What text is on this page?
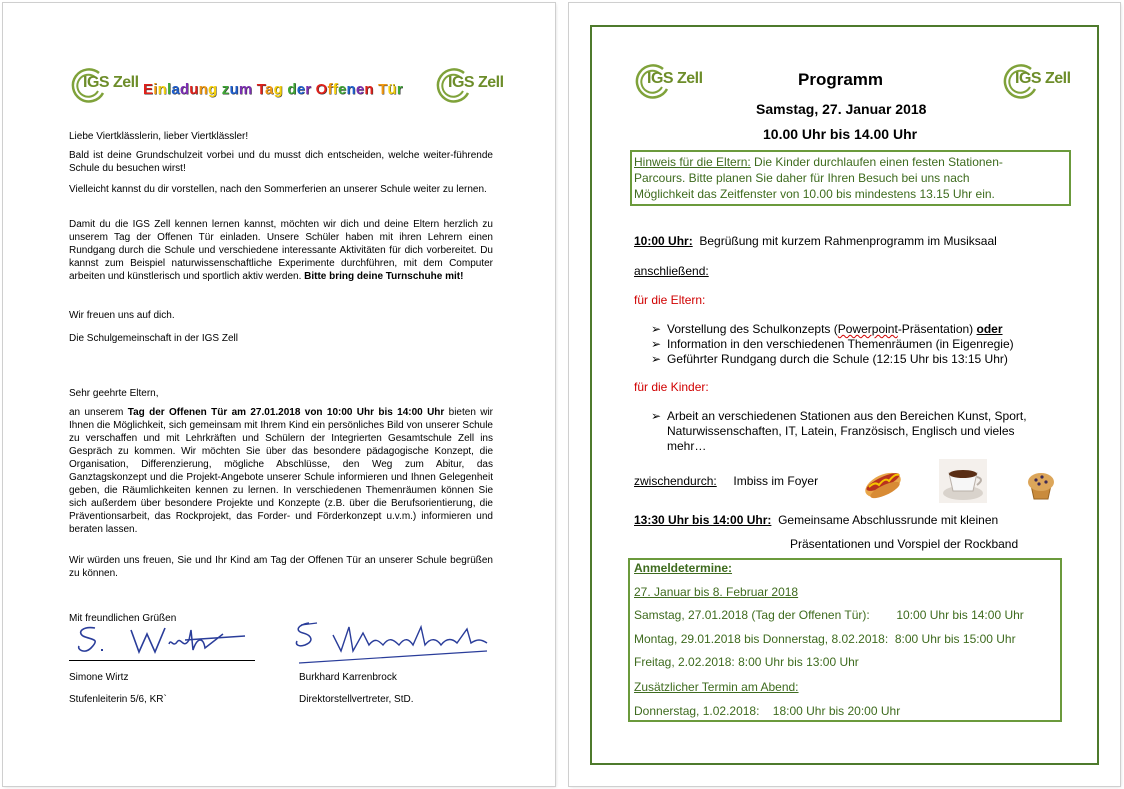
IGS Zell Einladung zum Tag der Offenen Tür	IGS Zell
Liebe Viertklässlerin, lieber Viertklässler!
Bald ist deine Grundschulzeit vorbei und du musst dich entscheiden, welche weiter-führende Schule du besuchen wirst!
Vielleicht kannst du dir vorstellen, nach den Sommerferien an unserer Schule weiter zu lernen.
Damit du die IGS Zell kennen lernen kannst, möchten wir dich und deine Eltern herzlich zu unserem Tag der Offenen Tür einladen. Unsere Schüler haben mit ihren Lehrern einen Rundgang durch die Schule und verschiedene interessante Aktivitäten für dich vorbereitet. Du kannst zum Beispiel naturwissenschaftliche Experimente durchführen, mit dem Computer arbeiten und künstlerisch und sportlich aktiv werden. Bitte bring deine Turnschuhe mit!
Wir freuen uns auf dich.
Die Schulgemeinschaft in der IGS Zell
Sehr geehrte Eltern,
an unserem Tag der Offenen Tür am 27.01.2018 von 10:00 Uhr bis 14:00 Uhr bieten wir Ihnen die Möglichkeit, sich gemeinsam mit Ihrem Kind ein persönliches Bild von unserer Schule zu verschaffen und mit Lehrkräften und Schülern der Integrierten Gesamtschule Zell ins Gespräch zu kommen. Wir möchten Sie über das besondere pädagogische Konzept, die Organisation, Differenzierung, mögliche Abschlüsse, den Weg zum Abitur, das Ganztagskonzept und die Projekt-Angebote unserer Schule informieren und Ihnen Gelegenheit geben, die Räumlichkeiten kennen zu lernen. In verschiedenen Themenräumen können Sie sich außerdem über besondere Projekte und Konzepte (z.B. über die Berufsorientierung, die Präventionsarbeit, das Rockprojekt, das Forder- und Förderkonzept u.v.m.) informieren und beraten lassen.
Wir würden uns freuen, Sie und Ihr Kind am Tag der Offenen Tür an unserer Schule begrüßen zu können.
Mit freundlichen Grüßen
Simone Wirtz
Stufenleiterin 5/6, KR`
Burkhard Karrenbrock
Direktorstellvertreter, StD.
IGS Zell	IGS Zell
Programm
Samstag, 27. Januar 2018
10.00 Uhr bis 14.00 Uhr
Hinweis für die Eltern: Die Kinder durchlaufen einen festen Stationen-
Parcours. Bitte planen Sie daher für Ihren Besuch bei uns nach
Möglichkeit das Zeitfenster von 10.00 bis mindestens 13.15 Uhr ein.
10:00 Uhr: Begrüßung mit kurzem Rahmenprogramm im Musiksaal
anschließend:
für die Eltern:
➢ Vorstellung des Schulkonzepts (Powerpoint-Präsentation) oder
➢ Information in den verschiedenen Themenräumen (in Eigenregie)
➢ Geführter Rundgang durch die Schule (12:15 Uhr bis 13:15 Uhr)
für die Kinder:
➢ Arbeit an verschiedenen Stationen aus den Bereichen Kunst, Sport,
Naturwissenschaften, IT, Latein, Französisch, Englisch und vieles
mehr…
zwischendurch: Imbiss im Foyer
13:30 Uhr bis 14:00 Uhr: Gemeinsame Abschlussrunde mit kleinen
Präsentationen und Vorspiel der Rockband
Anmeldetermine:
27. Januar bis 8. Februar 2018
Samstag, 27.01.2018 (Tag der Offenen Tür): 10:00 Uhr bis 14:00 Uhr
Montag, 29.01.2018 bis Donnerstag, 8.02.2018: 8:00 Uhr bis 15:00 Uhr
Freitag, 2.02.2018: 8:00 Uhr bis 13:00 Uhr
Zusätzlicher Termin am Abend:
Donnerstag, 1.02.2018: 18:00 Uhr bis 20:00 Uhr
